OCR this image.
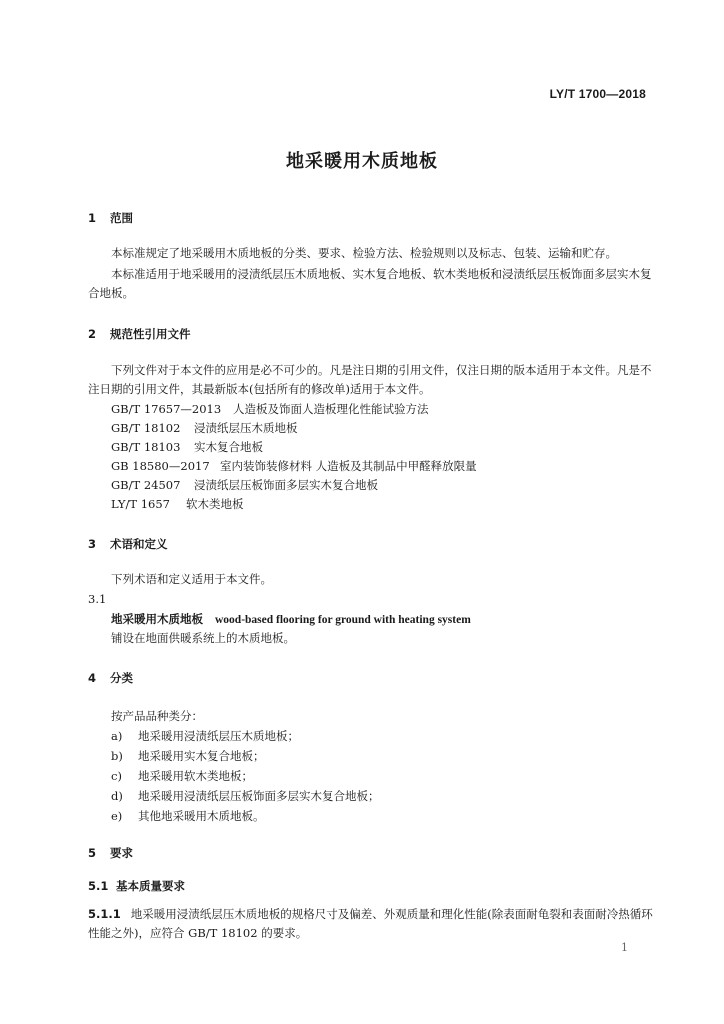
LY/T 1700—2018
地采暖用木质地板
1 范围
本标准规定了地采暖用木质地板的分类、要求、检验方法、检验规则以及标志、包装、运输和贮存。
本标准适用于地采暖用的浸渍纸层压木质地板、实木复合地板、软木类地板和浸渍纸层压板饰面多层实木复合地板。
2 规范性引用文件
下列文件对于本文件的应用是必不可少的。凡是注日期的引用文件，仅注日期的版本适用于本文件。凡是不注日期的引用文件，其最新版本(包括所有的修改单)适用于本文件。
GB/T 17657—2013 人造板及饰面人造板理化性能试验方法
GB/T 18102 浸渍纸层压木质地板
GB/T 18103 实木复合地板
GB 18580—2017 室内装饰装修材料 人造板及其制品中甲醛释放限量
GB/T 24507 浸渍纸层压板饰面多层实木复合地板
LY/T 1657 软木类地板
3 术语和定义
下列术语和定义适用于本文件。
3.1
地采暖用木质地板 wood-based flooring for ground with heating system
铺设在地面供暖系统上的木质地板。
4 分类
按产品品种类分：
a) 地采暖用浸渍纸层压木质地板；
b) 地采暖用实木复合地板；
c) 地采暖用软木类地板；
d) 地采暖用浸渍纸层压板饰面多层实木复合地板；
e) 其他地采暖用木质地板。
5 要求
5.1 基本质量要求
5.1.1 地采暖用浸渍纸层压木质地板的规格尺寸及偏差、外观质量和理化性能(除表面耐龟裂和表面耐冷热循环性能之外)，应符合 GB/T 18102 的要求。
1
